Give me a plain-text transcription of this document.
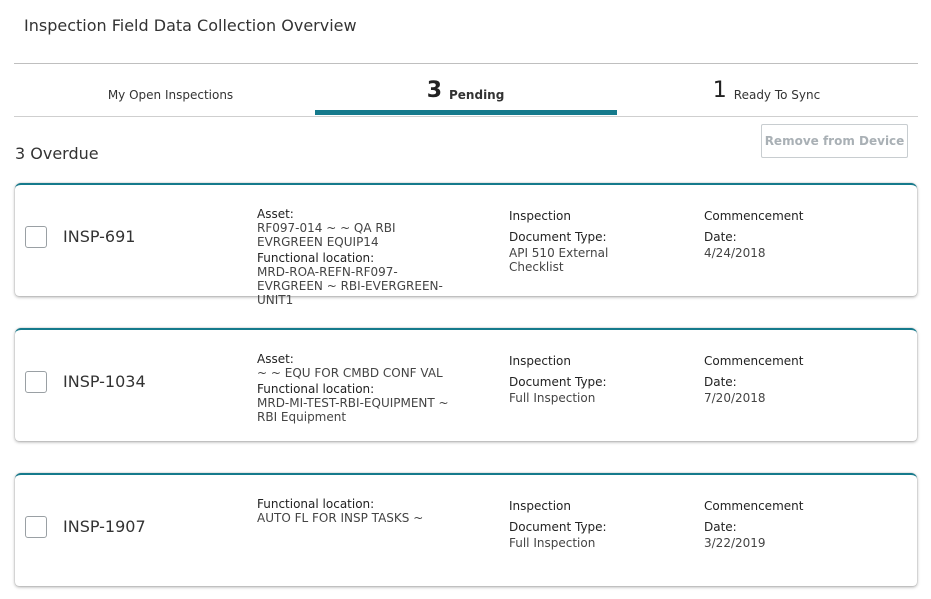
Inspection Field Data Collection Overview
My Open Inspections	3 Pending	1 Ready To Sync
3 Overdue
Remove from Device
INSP-691
Asset:
RF097-014 ~ ~ QA RBI EVRGREEN EQUIP14
Functional location:
MRD-ROA-REFN-RF097-EVRGREEN ~ RBI-EVERGREEN-UNIT1
Inspection
Document Type:
API 510 External Checklist
Commencement
Date:
4/24/2018
INSP-1034
Asset:
~ ~ EQU FOR CMBD CONF VAL
Functional location:
MRD-MI-TEST-RBI-EQUIPMENT ~ RBI Equipment
Inspection
Document Type:
Full Inspection
Commencement
Date:
7/20/2018
INSP-1907
Functional location:
AUTO FL FOR INSP TASKS ~
Inspection
Document Type:
Full Inspection
Commencement
Date:
3/22/2019
